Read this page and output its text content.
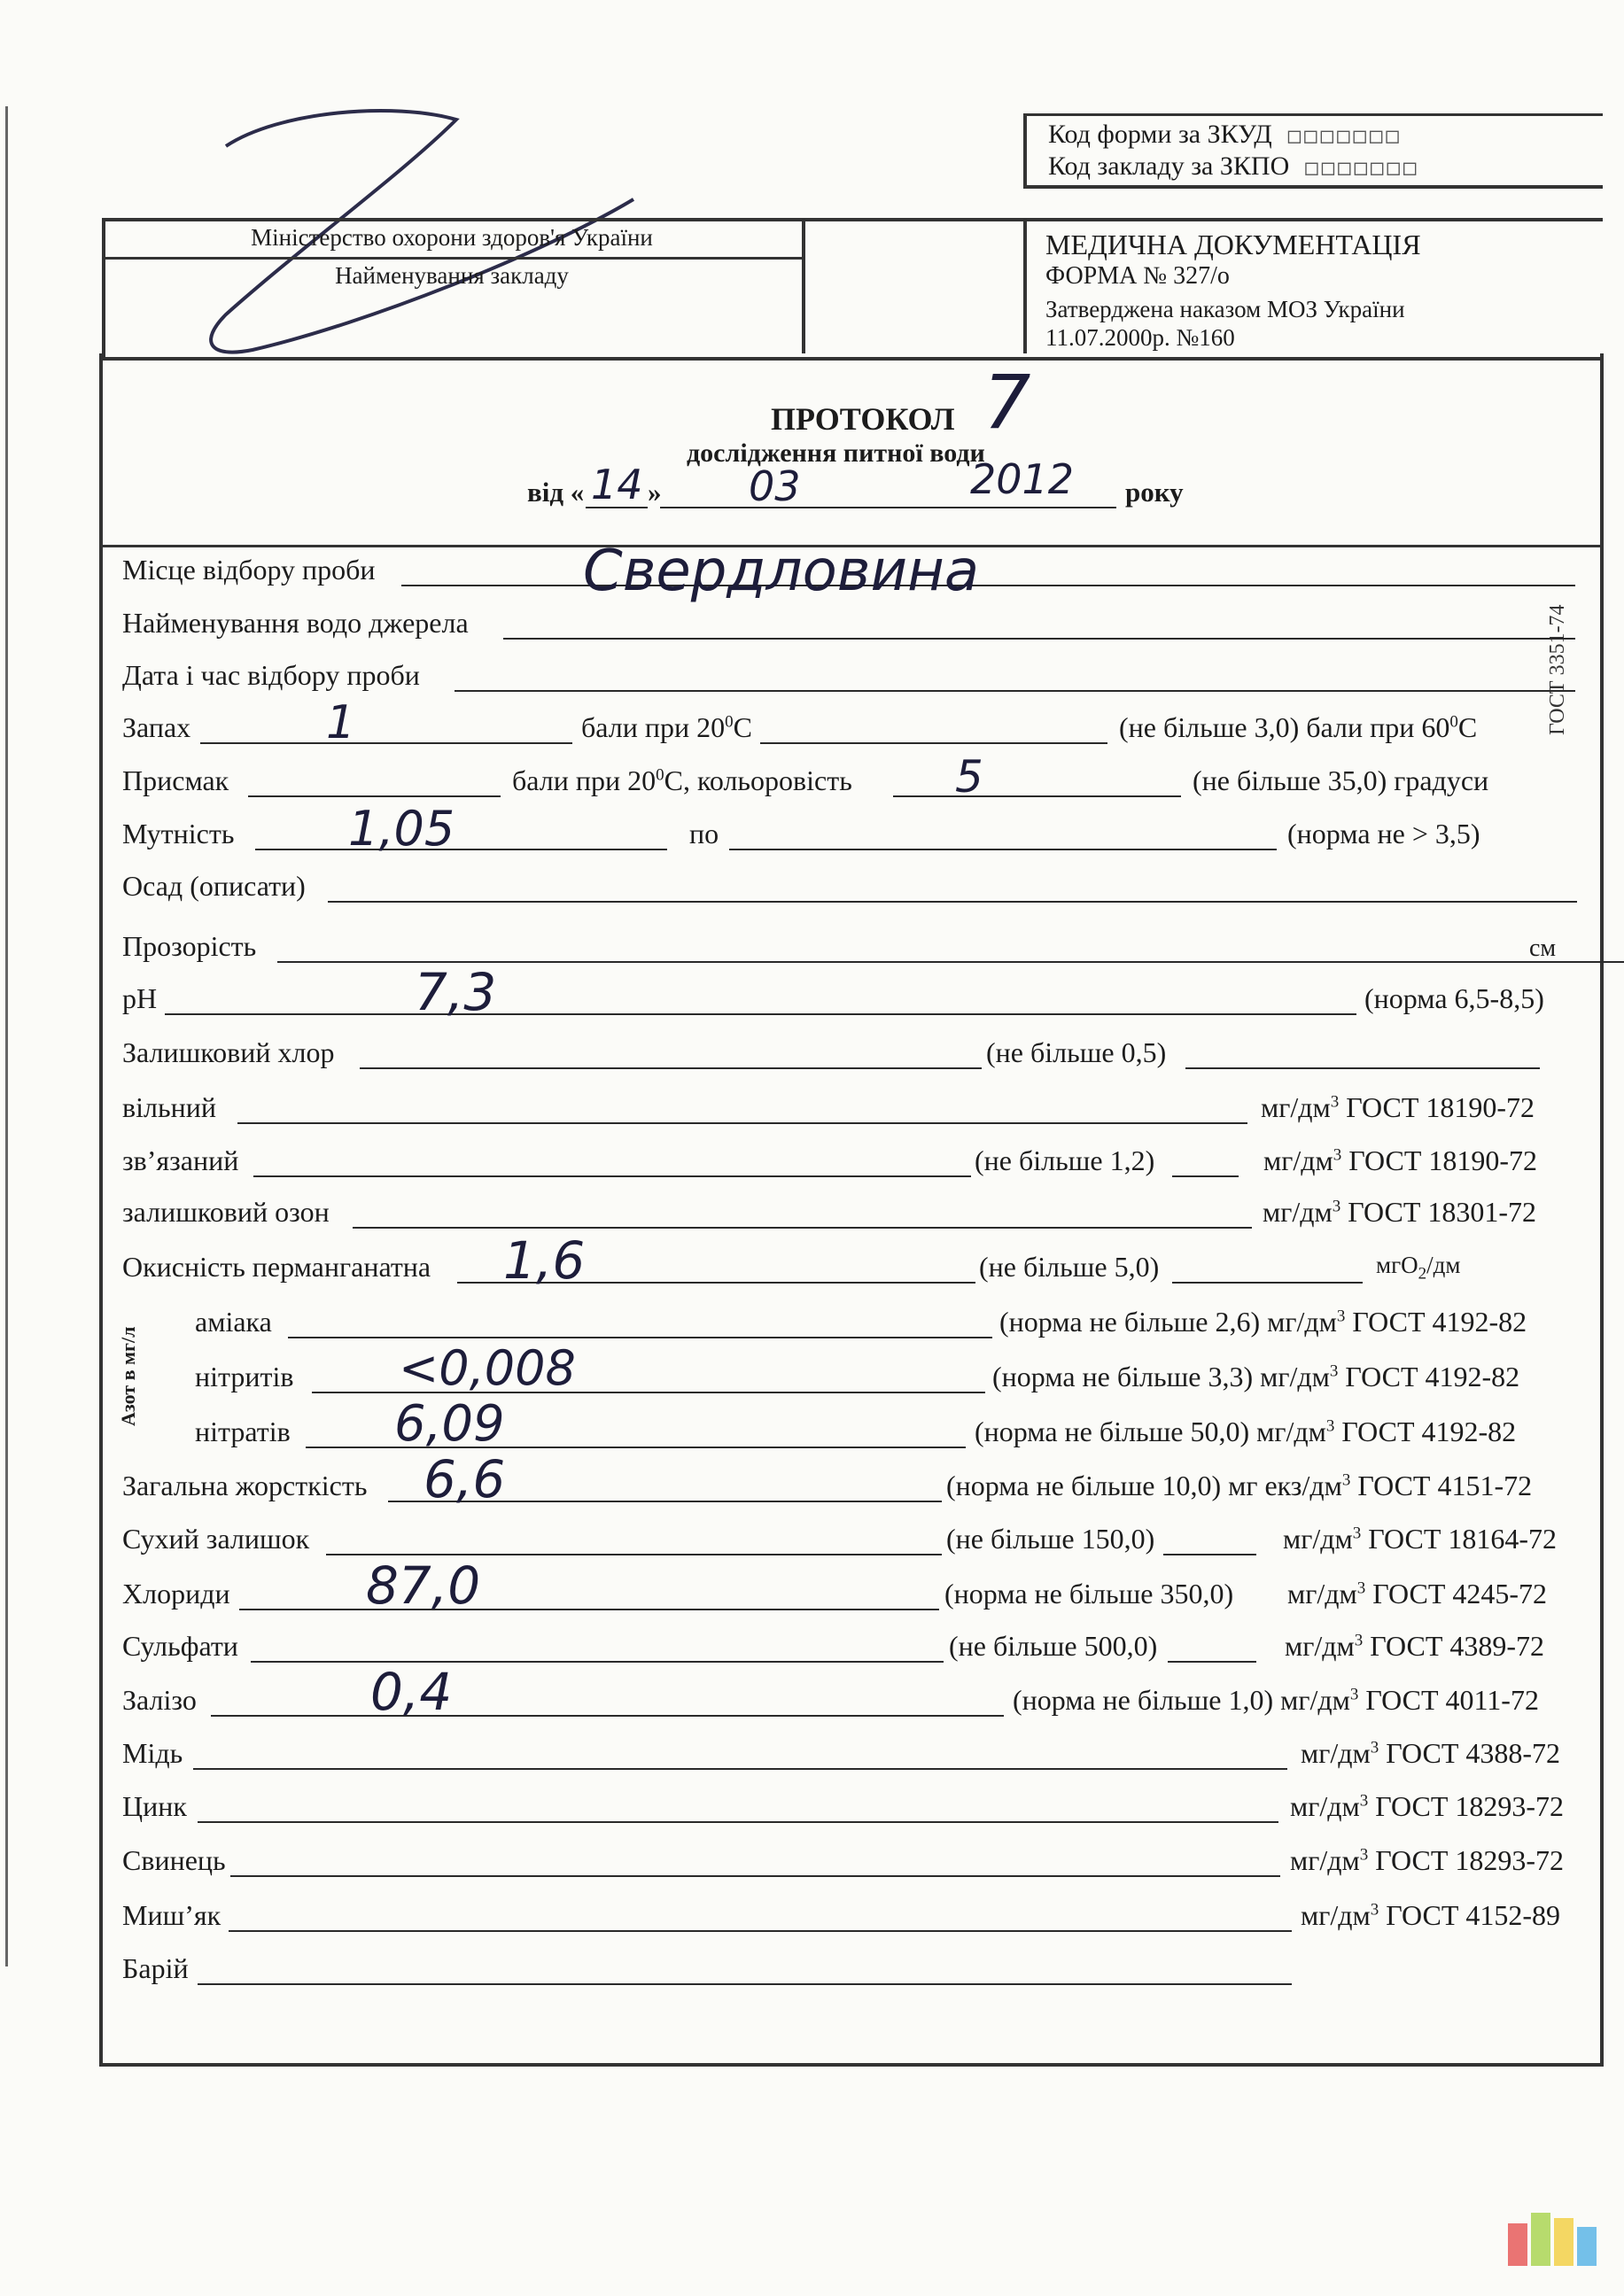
Код форми за ЗКУД □□□□□□□
Код закладу за ЗКПО □□□□□□□
Міністерство охорони здоров'я України
Найменування закладу
МЕДИЧНА ДОКУМЕНТАЦІЯ
ФОРМА № 327/о
Затверджена наказом МОЗ України
11.07.2000р. №160
ПРОТОКОЛ 7
дослідження питної води
від « 14 » 03	2012 року
ГОСТ 3351-74
Азот в мг/л
Місце відбору проби	Свердловина
Найменування водо джерела
Дата і час відбору проби
Запах	1	бали при $20^0C$	(не більше 3,0) бали при $60^0C$
Присмак	бали при $20^0C$, кольоровість 5	(не більше 35,0) градуси
Мутність 1,05	по	(норма не > 3,5)
Осад (описати)
Прозорість	см
pH	7,3	(норма 6,5-8,5)
Залишковий хлор	(не більше 0,5)
вільний	$мг/дм^3$ ГОСТ 18190-72
зв’язаний	(не більше 1,2)	$мг/дм^3$ ГОСТ 18190-72
залишковий озон	$мг/дм^3$ ГОСТ 18301-72
Окисність перманганатна 1,6	(не більше 5,0)	мгО$_2$/дм
аміака	(норма не більше 2,6) $мг/дм^3$ ГОСТ 4192-82
нітритів <0,008	(норма не більше 3,3) $мг/дм^3$ ГОСТ 4192-82
нітратів 6,09	(норма не більше 50,0) $мг/дм^3$ ГОСТ 4192-82
Загальна жорсткість 6,6	(норма не більше 10,0) мг екз/$дм^3$ ГОСТ 4151-72
Сухий залишок	(не більше 150,0)	$мг/дм^3$ ГОСТ 18164-72
Хлориди	87,0	(норма не більше 350,0) $мг/дм^3$ ГОСТ 4245-72
Сульфати	(не більше 500,0)	$мг/дм^3$ ГОСТ 4389-72
Залізо	0,4	(норма не більше 1,0) $мг/дм^3$ ГОСТ 4011-72
Мідь	$мг/дм^3$ ГОСТ 4388-72
Цинк	$мг/дм^3$ ГОСТ 18293-72
Свинець	$мг/дм^3$ ГОСТ 18293-72
Миш’як	$мг/дм^3$ ГОСТ 4152-89
Барій
